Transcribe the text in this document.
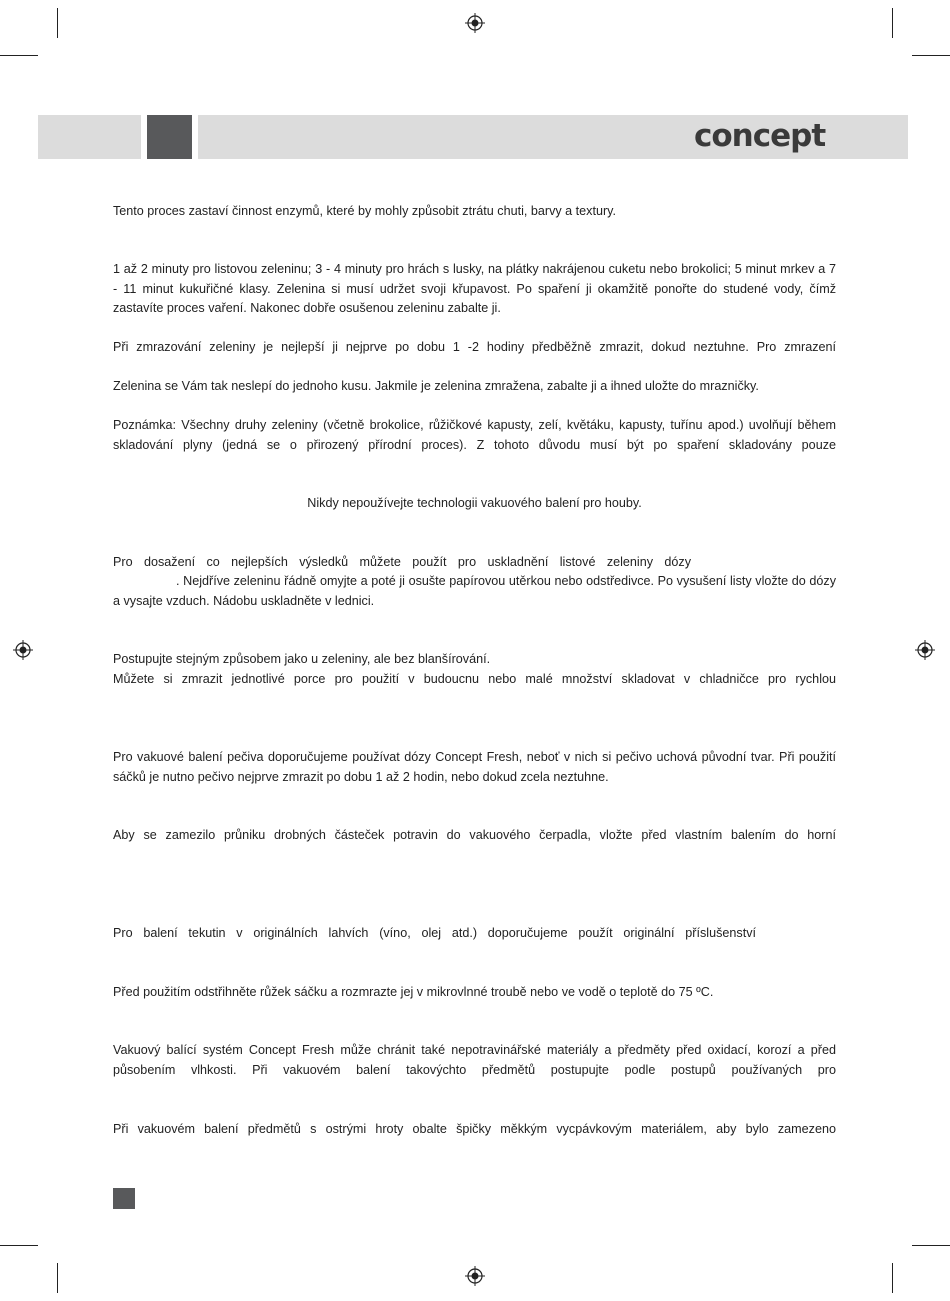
concept

Tento proces zastaví činnost enzymů, které by mohly způsobit ztrátu chuti, barvy a textury.

1 až 2 minuty pro listovou zeleninu; 3 - 4 minuty pro hrách s lusky, na plátky nakrájenou cuketu nebo brokolici; 5 minut mrkev a 7 - 11 minut kukuřičné klasy. Zelenina si musí udržet svoji křupavost. Po spaření ji okamžitě ponořte do studené vody, čímž zastavíte proces vaření. Nakonec dobře osušenou zeleninu zabalte ji.

Při zmrazování zeleniny je nejlepší ji nejprve po dobu 1 -2 hodiny předběžně zmrazit, dokud neztuhne. Pro zmrazení

Zelenina se Vám tak neslepí do jednoho kusu. Jakmile je zelenina zmražena, zabalte ji a ihned uložte do mrazničky.

Poznámka: Všechny druhy zeleniny (včetně brokolice, růžičkové kapusty, zelí, květáku, kapusty, tuřínu apod.) uvolňují během skladování plyny (jedná se o přirozený přírodní proces). Z tohoto důvodu musí být po spaření skladovány pouze

Nikdy nepoužívejte technologii vakuového balení pro houby.

Pro dosažení co nejlepších výsledků můžete použít pro uskladnění listové zeleniny dózy

. Nejdříve zeleninu řádně omyjte a poté ji osušte papírovou utěrkou nebo odstředivce. Po vysušení listy vložte do dózy a vysajte vzduch. Nádobu uskladněte v lednici.

Postupujte stejným způsobem jako u zeleniny, ale bez blanšírování.

Můžete si zmrazit jednotlivé porce pro použití v budoucnu nebo malé množství skladovat v chladničce pro rychlou

Pro vakuové balení pečiva doporučujeme používat dózy Concept Fresh, neboť v nich si pečivo uchová původní tvar. Při použití sáčků je nutno pečivo nejprve zmrazit po dobu 1 až 2 hodin, nebo dokud zcela neztuhne.

Aby se zamezilo průniku drobných částeček potravin do vakuového čerpadla, vložte před vlastním balením do horní

Pro balení tekutin v originálních lahvích (víno, olej atd.) doporučujeme použít originální příslušenství

Před použitím odstřihněte růžek sáčku a rozmrazte jej v mikrovlnné troubě nebo ve vodě o teplotě do 75 ºC.

Vakuový balící systém Concept Fresh může chránit také nepotravinářské materiály a předměty před oxidací, korozí a před působením vlhkosti. Při vakuovém balení takovýchto předmětů postupujte podle postupů používaných pro

Při vakuovém balení předmětů s ostrými hroty obalte špičky měkkým vycpávkovým materiálem, aby bylo zamezeno
